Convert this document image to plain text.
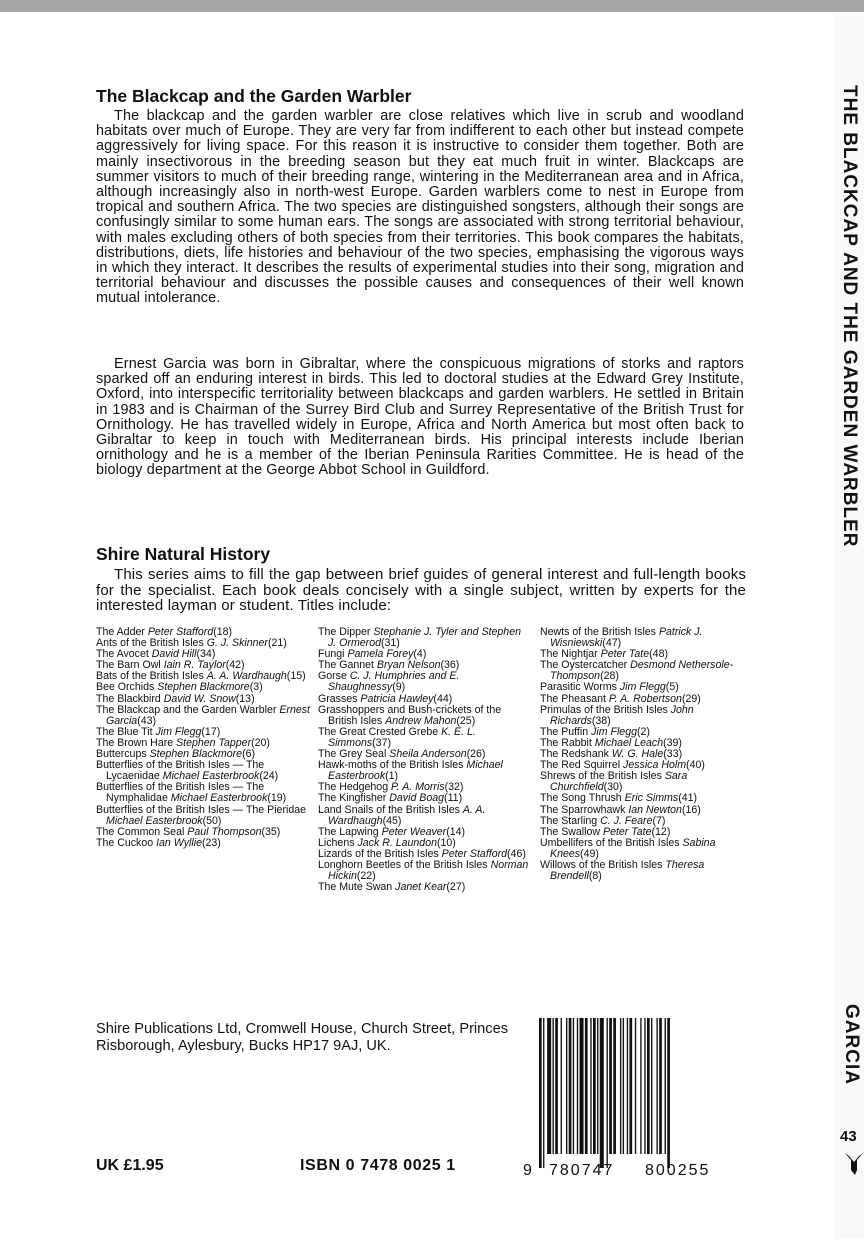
THE BLACKCAP AND THE GARDEN WARBLER
GARCIA
43
The Blackcap and the Garden Warbler

The blackcap and the garden warbler are close relatives which live in scrub and woodland habitats over much of Europe. They are very far from indifferent to each other but instead compete aggressively for living space. For this reason it is instructive to consider them together. Both are mainly insectivorous in the breeding season but they eat much fruit in winter. Blackcaps are summer visitors to much of their breeding range, wintering in the Mediterranean area and in Africa, although increasingly also in north-west Europe. Garden warblers come to nest in Europe from tropical and southern Africa. The two species are distinguished songsters, although their songs are confusingly similar to some human ears. The songs are associated with strong territorial behaviour, with males excluding others of both species from their territories. This book compares the habitats, distributions, diets, life histories and behaviour of the two species, emphasising the vigorous ways in which they interact. It describes the results of experimental studies into their song, migration and territorial behaviour and discusses the possible causes and consequences of their well known mutual intolerance.

Ernest Garcia was born in Gibraltar, where the conspicuous migrations of storks and raptors sparked off an enduring interest in birds. This led to doctoral studies at the Edward Grey Institute, Oxford, into interspecific territoriality between blackcaps and garden warblers. He settled in Britain in 1983 and is Chairman of the Surrey Bird Club and Surrey Representative of the British Trust for Ornithology. He has travelled widely in Europe, Africa and North America but most often back to Gibraltar to keep in touch with Mediterranean birds. His principal interests include Iberian ornithology and he is a member of the Iberian Peninsula Rarities Committee. He is head of the biology department at the George Abbot School in Guildford.

Shire Natural History

This series aims to fill the gap between brief guides of general interest and full-length books for the specialist. Each book deals concisely with a single subject, written by experts for the interested layman or student. Titles include:

The Adder Peter Stafford(18)

Ants of the British Isles G. J. Skinner(21)

The Avocet David Hill(34)

The Barn Owl Iain R. Taylor(42)

Bats of the British Isles A. A. Wardhaugh(15)

Bee Orchids Stephen Blackmore(3)

The Blackbird David W. Snow(13)

The Blackcap and the Garden Warbler Ernest Garcia(43)

The Blue Tit Jim Flegg(17)

The Brown Hare Stephen Tapper(20)

Buttercups Stephen Blackmore(6)

Butterflies of the British Isles — The Lycaenidae Michael Easterbrook(24)

Butterflies of the British Isles — The Nymphalidae Michael Easterbrook(19)

Butterflies of the British Isles — The Pieridae Michael Easterbrook(50)

The Common Seal Paul Thompson(35)

The Cuckoo Ian Wyllie(23)

The Dipper Stephanie J. Tyler and Stephen J. Ormerod(31)

Fungi Pamela Forey(4)

The Gannet Bryan Nelson(36)

Gorse C. J. Humphries and E. Shaughnessy(9)

Grasses Patricia Hawley(44)

Grasshoppers and Bush-crickets of the British Isles Andrew Mahon(25)

The Great Crested Grebe K. E. L. Simmons(37)

The Grey Seal Sheila Anderson(26)

Hawk-moths of the British Isles Michael Easterbrook(1)

The Hedgehog P. A. Morris(32)

The Kingfisher David Boag(11)

Land Snails of the British Isles A. A. Wardhaugh(45)

The Lapwing Peter Weaver(14)

Lichens Jack R. Laundon(10)

Lizards of the British Isles Peter Stafford(46)

Longhorn Beetles of the British Isles Norman Hickin(22)

The Mute Swan Janet Kear(27)

Newts of the British Isles Patrick J. Wisniewski(47)

The Nightjar Peter Tate(48)

The Oystercatcher Desmond Nethersole-Thompson(28)

Parasitic Worms Jim Flegg(5)

The Pheasant P. A. Robertson(29)

Primulas of the British Isles John Richards(38)

The Puffin Jim Flegg(2)

The Rabbit Michael Leach(39)

The Redshank W. G. Hale(33)

The Red Squirrel Jessica Holm(40)

Shrews of the British Isles Sara Churchfield(30)

The Song Thrush Eric Simms(41)

The Sparrowhawk Ian Newton(16)

The Starling C. J. Feare(7)

The Swallow Peter Tate(12)

Umbellifers of the British Isles Sabina Knees(49)

Willows of the British Isles Theresa Brendell(8)

Shire Publications Ltd, Cromwell House, Church Street, Princes Risborough, Aylesbury, Bucks HP17 9AJ, UK.

UK £1.95	ISBN 0 7478 0025 1	9 780747 800255
